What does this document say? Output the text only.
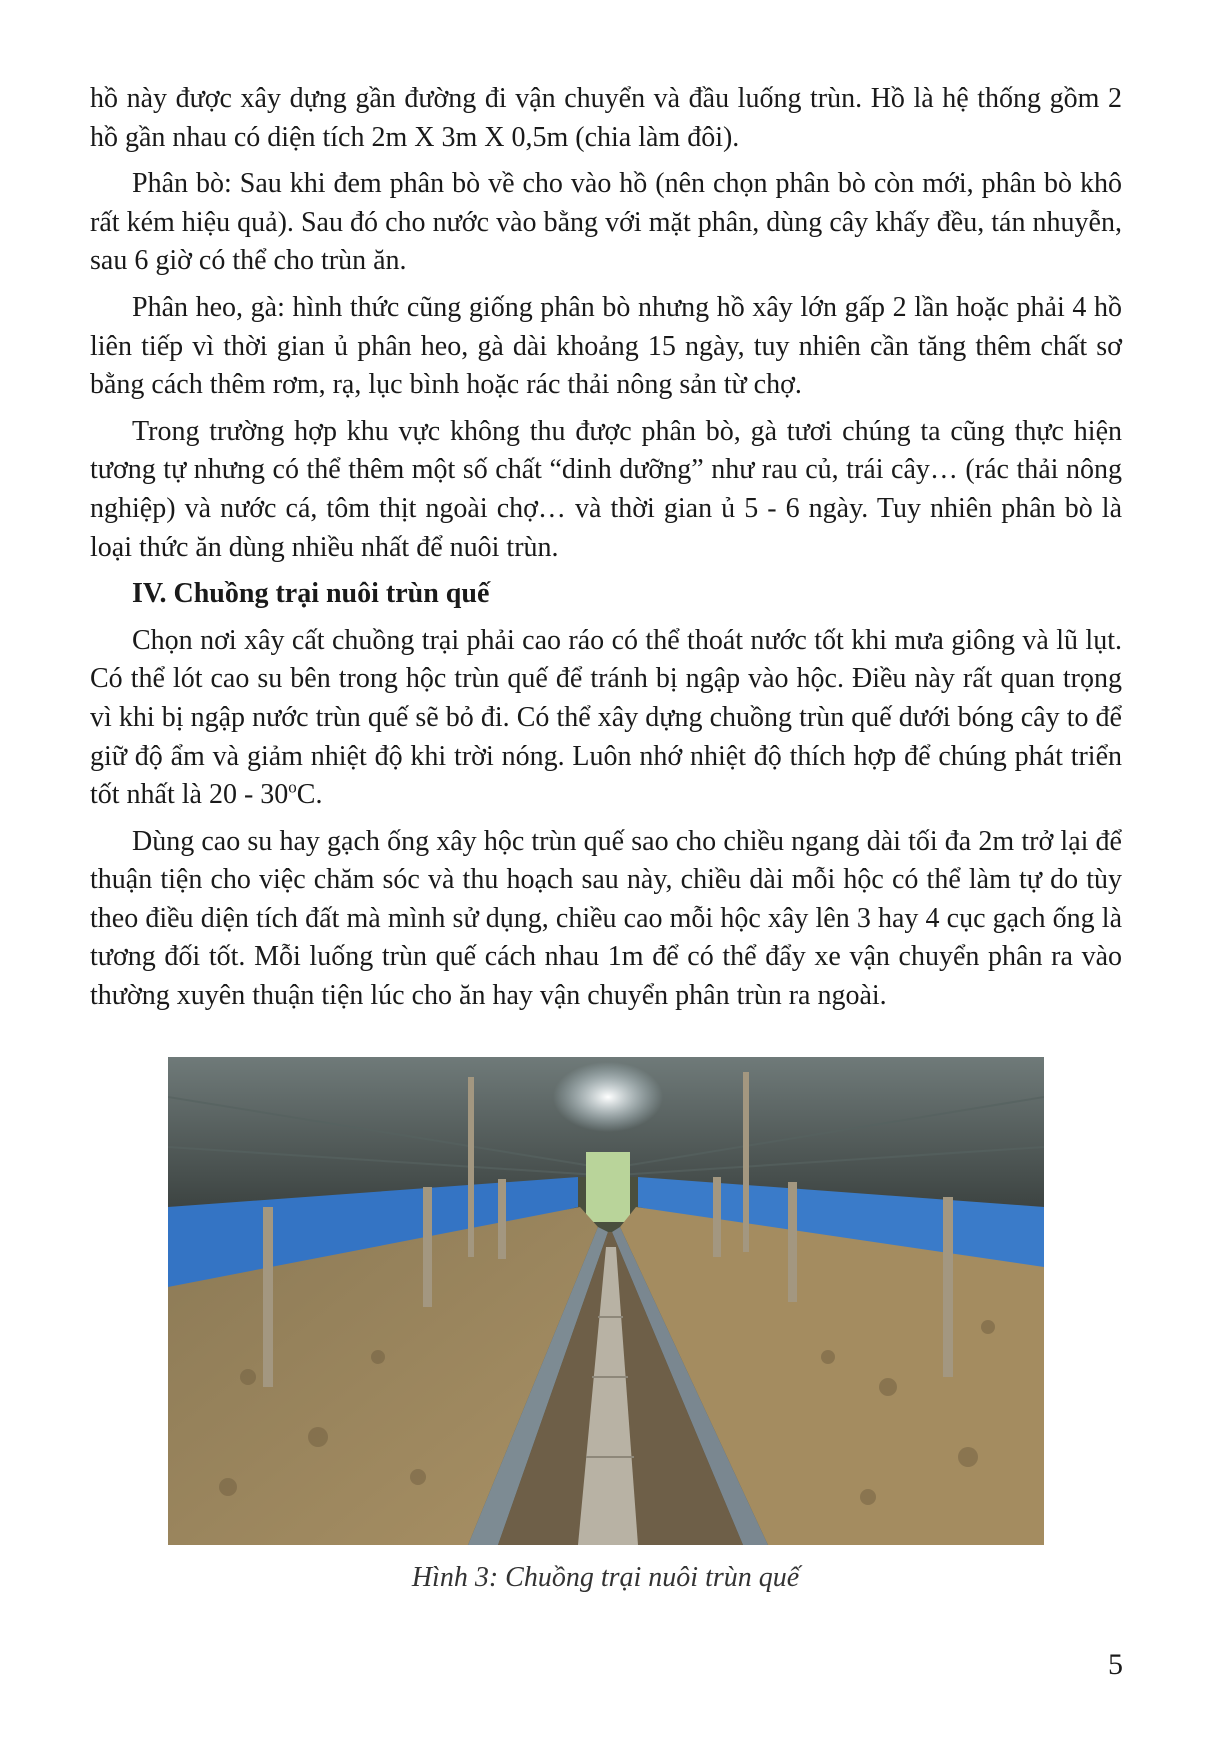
hồ này được xây dựng gần đường đi vận chuyển và đầu luống trùn. Hồ là hệ thống gồm 2 hồ gần nhau có diện tích 2m X 3m X 0,5m (chia làm đôi).

Phân bò: Sau khi đem phân bò về cho vào hồ (nên chọn phân bò còn mới, phân bò khô rất kém hiệu quả). Sau đó cho nước vào bằng với mặt phân, dùng cây khấy đều, tán nhuyễn, sau 6 giờ có thể cho trùn ăn.

Phân heo, gà: hình thức cũng giống phân bò nhưng hồ xây lớn gấp 2 lần hoặc phải 4 hồ liên tiếp vì thời gian ủ phân heo, gà dài khoảng 15 ngày, tuy nhiên cần tăng thêm chất sơ bằng cách thêm rơm, rạ, lục bình hoặc rác thải nông sản từ chợ.

Trong trường hợp khu vực không thu được phân bò, gà tươi chúng ta cũng thực hiện tương tự nhưng có thể thêm một số chất “dinh dưỡng” như rau củ, trái cây… (rác thải nông nghiệp) và nước cá, tôm thịt ngoài chợ… và thời gian ủ 5 - 6 ngày. Tuy nhiên phân bò là loại thức ăn dùng nhiều nhất để nuôi trùn.

IV. Chuồng trại nuôi trùn quế

Chọn nơi xây cất chuồng trại phải cao ráo có thể thoát nước tốt khi mưa giông và lũ lụt. Có thể lót cao su bên trong hộc trùn quế để tránh bị ngập vào hộc. Điều này rất quan trọng vì khi bị ngập nước trùn quế sẽ bỏ đi. Có thể xây dựng chuồng trùn quế dưới bóng cây to để giữ độ ẩm và giảm nhiệt độ khi trời nóng. Luôn nhớ nhiệt độ thích hợp để chúng phát triển tốt nhất là 20 - 30$^o$C.

Dùng cao su hay gạch ống xây hộc trùn quế sao cho chiều ngang dài tối đa 2m trở lại để thuận tiện cho việc chăm sóc và thu hoạch sau này, chiều dài mỗi hộc có thể làm tự do tùy theo điều diện tích đất mà mình sử dụng, chiều cao mỗi hộc xây lên 3 hay 4 cục gạch ống là tương đối tốt. Mỗi luống trùn quế cách nhau 1m để có thể đẩy xe vận chuyển phân ra vào thường xuyên thuận tiện lúc cho ăn hay vận chuyển phân trùn ra ngoài.

Hình 3: Chuồng trại nuôi trùn quế
5
